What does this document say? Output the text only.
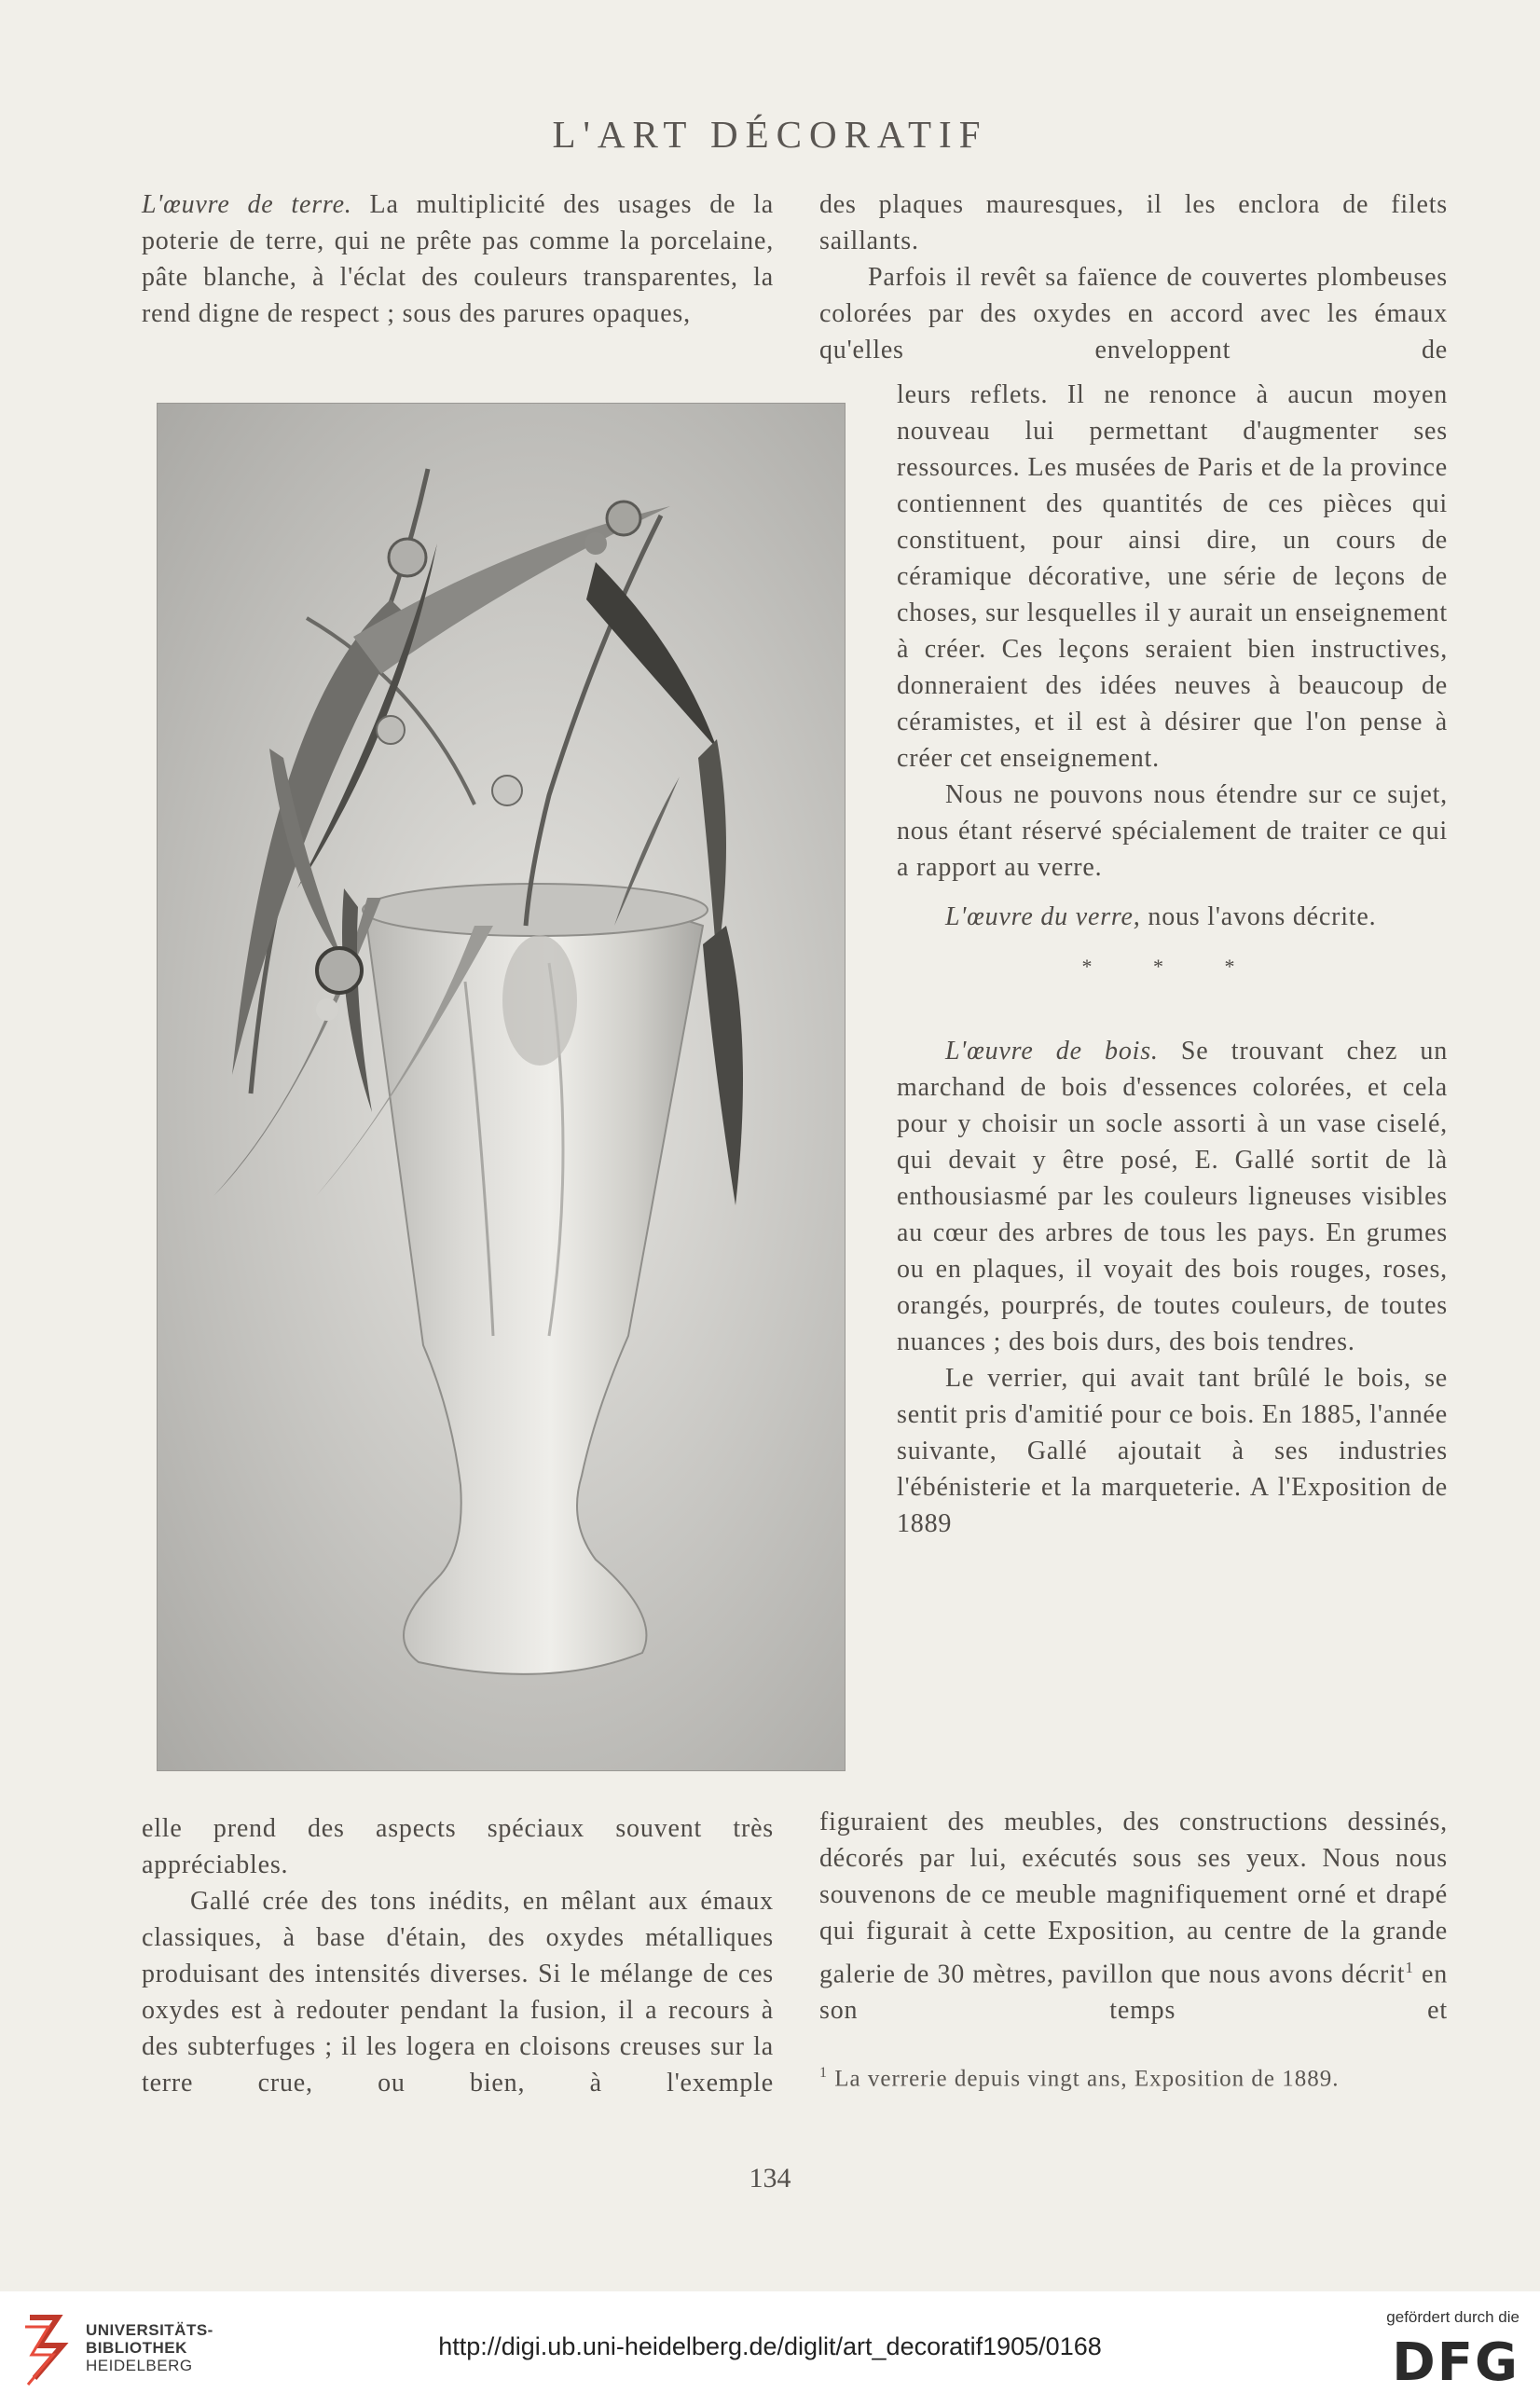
L'ART DÉCORATIF

L'œuvre de terre. La multiplicité des usages de la poterie de terre, qui ne prête pas comme la porcelaine, pâte blanche, à l'éclat des couleurs transparentes, la rend digne de respect ; sous des parures opaques,

elle prend des aspects spéciaux souvent très appréciables.

Gallé crée des tons inédits, en mêlant aux émaux classiques, à base d'étain, des oxydes métalliques produisant des intensités diverses. Si le mélange de ces oxydes est à redouter pendant la fusion, il a recours à des subterfuges ; il les logera en cloisons creuses sur la terre crue, ou bien, à l'exemple

des plaques mauresques, il les enclora de filets saillants.

Parfois il revêt sa faïence de couvertes plombeuses colorées par des oxydes en accord avec les émaux qu'elles enveloppent de

leurs reflets. Il ne renonce à aucun moyen nouveau lui permettant d'augmenter ses ressources. Les musées de Paris et de la province contiennent des quantités de ces pièces qui constituent, pour ainsi dire, un cours de céramique décorative, une série de leçons de choses, sur lesquelles il y aurait un enseignement à créer. Ces leçons seraient bien instructives, donneraient des idées neuves à beaucoup de céramistes, et il est à désirer que l'on pense à créer cet enseignement.

Nous ne pouvons nous étendre sur ce sujet, nous étant réservé spécialement de traiter ce qui a rapport au verre.

L'œuvre du verre, nous l'avons décrite.

* * *

L'œuvre de bois. Se trouvant chez un marchand de bois d'essences colorées, et cela pour y choisir un socle assorti à un vase ciselé, qui devait y être posé, E. Gallé sortit de là enthousiasmé par les couleurs ligneuses visibles au cœur des arbres de tous les pays. En grumes ou en plaques, il voyait des bois rouges, roses, orangés, pourprés, de toutes couleurs, de toutes nuances ; des bois durs, des bois tendres.

Le verrier, qui avait tant brûlé le bois, se sentit pris d'amitié pour ce bois. En 1885, l'année suivante, Gallé ajoutait à ses industries l'ébénisterie et la marqueterie. A l'Exposition de 1889

figuraient des meubles, des constructions dessinés, décorés par lui, exécutés sous ses yeux. Nous nous souvenons de ce meuble magnifiquement orné et drapé qui figurait à cette Exposition, au centre de la grande galerie de 30 mètres, pavillon que nous avons décrit$^1$ en son temps et

$^1$ La verrerie depuis vingt ans, Exposition de 1889.
134
UNIVERSITÄTS-
BIBLIOTHEK
HEIDELBERG
http://digi.ub.uni-heidelberg.de/diglit/art_decoratif1905/0168
gefördert durch die
DFG
